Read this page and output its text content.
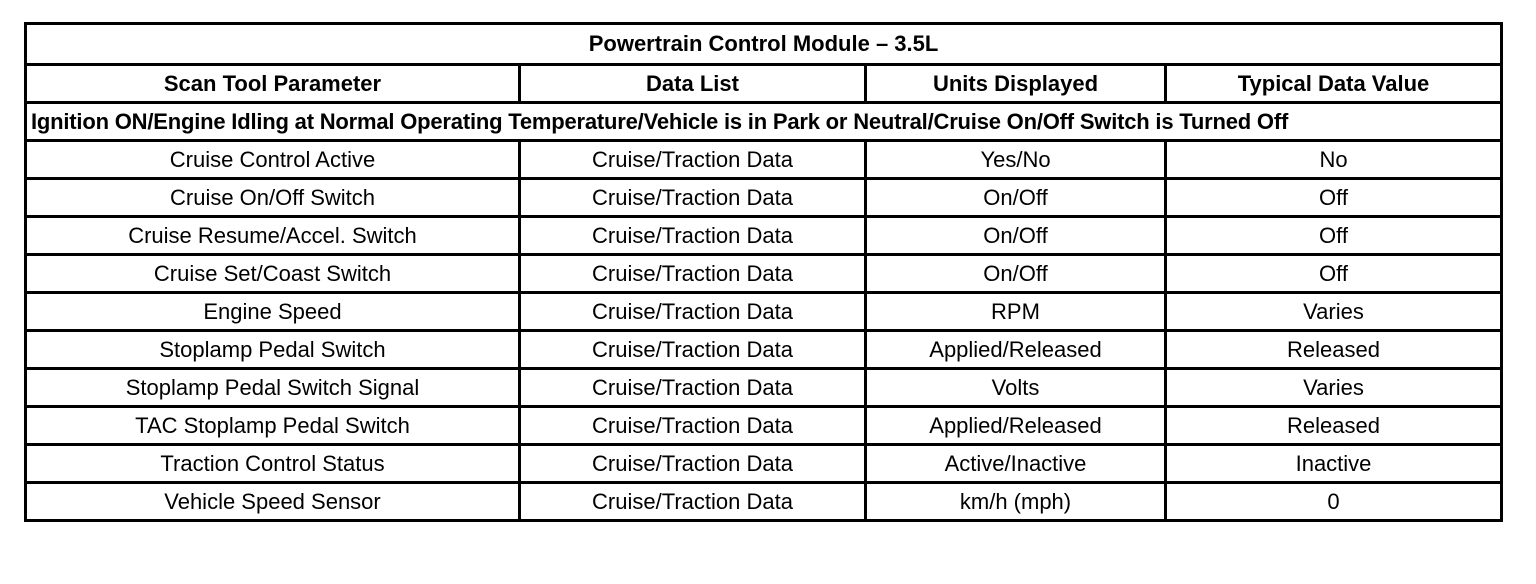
Powertrain Control Module – 3.5L			
Scan Tool Parameter	Data List	Units Displayed	Typical Data Value
Ignition ON/Engine Idling at Normal Operating Temperature/Vehicle is in Park or Neutral/Cruise On/Off Switch is Turned Off			
Cruise Control Active	Cruise/Traction Data	Yes/No	No
Cruise On/Off Switch	Cruise/Traction Data	On/Off	Off
Cruise Resume/Accel. Switch	Cruise/Traction Data	On/Off	Off
Cruise Set/Coast Switch	Cruise/Traction Data	On/Off	Off
Engine Speed	Cruise/Traction Data	RPM	Varies
Stoplamp Pedal Switch	Cruise/Traction Data	Applied/Released	Released
Stoplamp Pedal Switch Signal	Cruise/Traction Data	Volts	Varies
TAC Stoplamp Pedal Switch	Cruise/Traction Data	Applied/Released	Released
Traction Control Status	Cruise/Traction Data	Active/Inactive	Inactive
Vehicle Speed Sensor	Cruise/Traction Data	km/h (mph)	0
